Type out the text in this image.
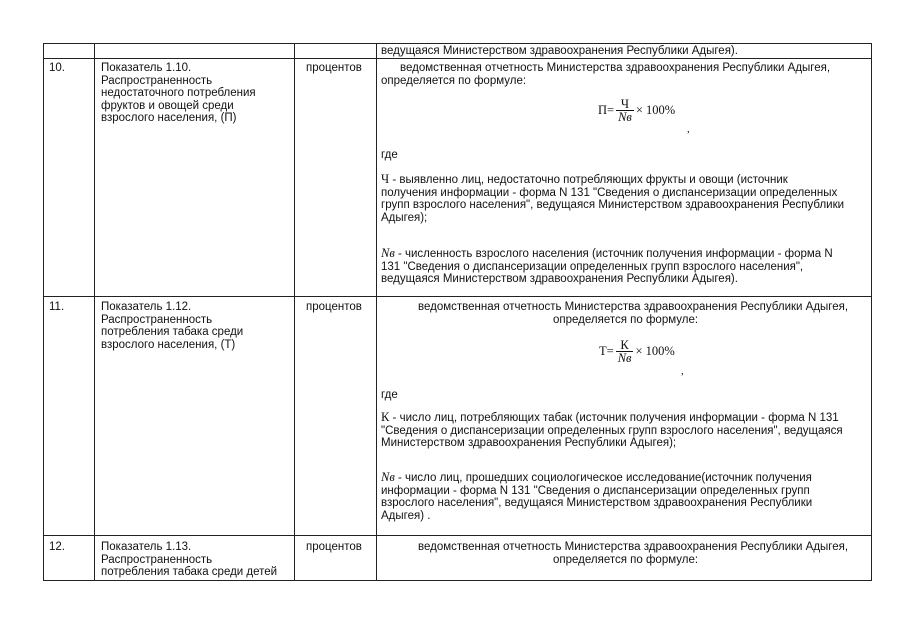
ведущаяся Министерством здравоохранения Республики Адыгея).
10.	Показатель 1.10.
Распространенность
недостаточного потребления
фруктов и овощей среди
взрослого населения, (П)
процентов	ведомственная отчетность Министерства здравоохранения Республики Адыгея,
определяется по формуле:
$П= \frac{Ч}{Nв} \times 100\%$
,
где
Ч - выявленно лиц, недостаточно потребляющих фрукты и овощи (источник
получения информации - форма N 131 "Сведения о диспансеризации определенных
групп взрослого населения", ведущаяся Министерством здравоохранения Республики
Адыгея);
Nв - численность взрослого населения (источник получения информации - форма N
131 "Сведения о диспансеризации определенных групп взрослого населения",
ведущаяся Министерством здравоохранения Республики Адыгея).
11.	Показатель 1.12.
Распространенность
потребления табака среди
взрослого населения, (Т)
процентов	ведомственная отчетность Министерства здравоохранения Республики Адыгея,
определяется по формуле:
$Т= \frac{К}{Nв} \times 100\%$
,
где
К - число лиц, потребляющих табак (источник получения информации - форма N 131
"Сведения о диспансеризации определенных групп взрослого населения", ведущаяся
Министерством здравоохранения Республики Адыгея);
Nв - число лиц, прошедших социологическое исследование(источник получения
информации - форма N 131 "Сведения о диспансеризации определенных групп
взрослого населения", ведущаяся Министерством здравоохранения Республики
Адыгея) .
12.	Показатель 1.13.
Распространенность
потребления табака среди детей
процентов	ведомственная отчетность Министерства здравоохранения Республики Адыгея,
определяется по формуле:
